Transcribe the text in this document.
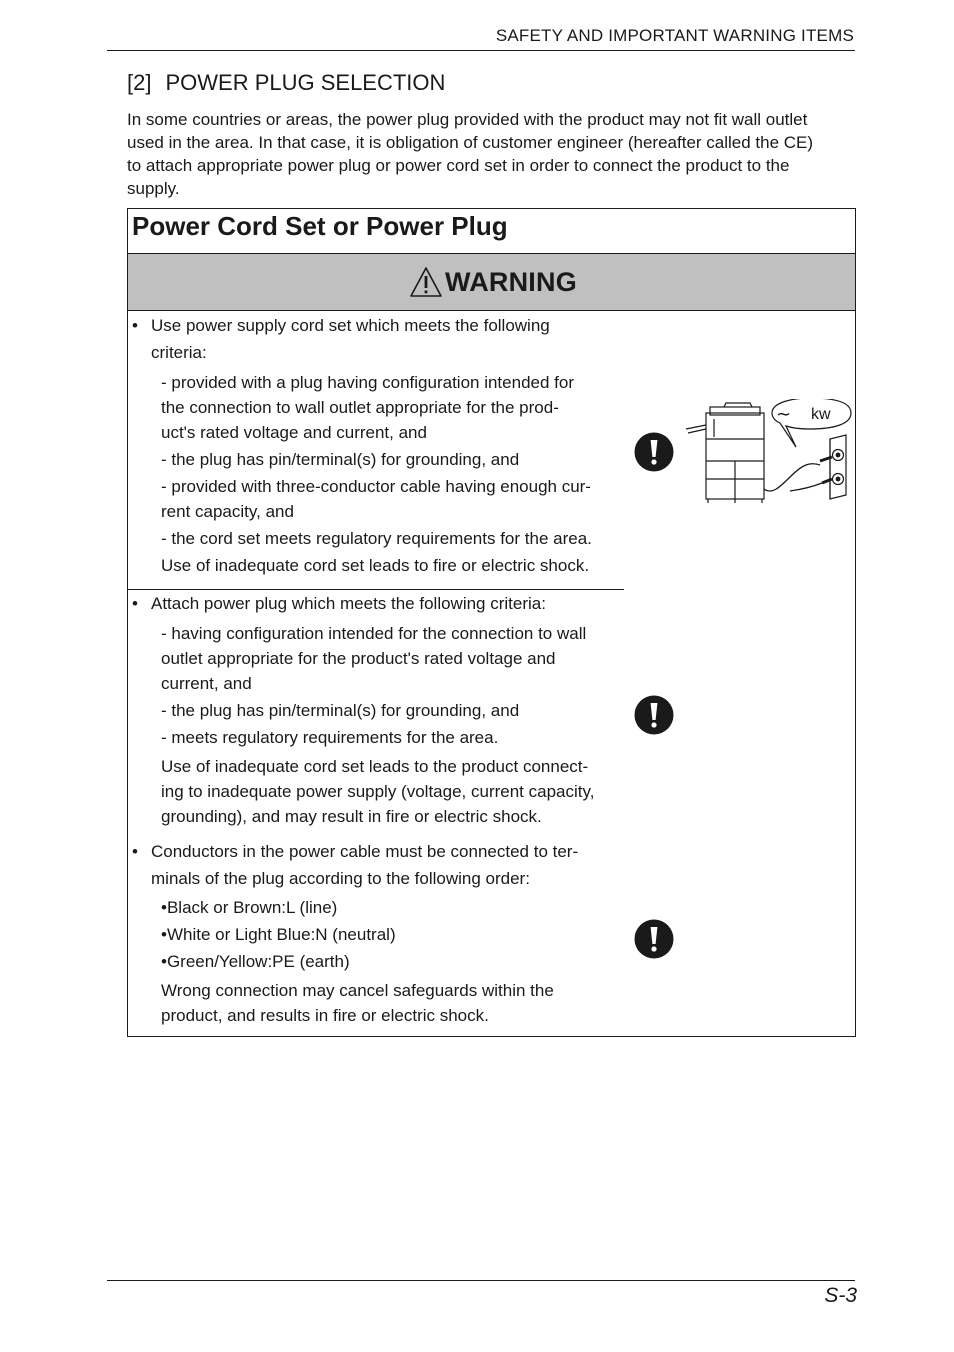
SAFETY AND IMPORTANT WARNING ITEMS
[2] POWER PLUG SELECTION
In some countries or areas, the power plug provided with the product may not fit wall outlet
used in the area. In that case, it is obligation of customer engineer (hereafter called the CE)
to attach appropriate power plug or power cord set in order to connect the product to the
supply.
Power Cord Set or Power Plug
WARNING
• Use power supply cord set which meets the following
criteria:
- provided with a plug having configuration intended for
the connection to wall outlet appropriate for the prod-
uct's rated voltage and current, and
- the plug has pin/terminal(s) for grounding, and
- provided with three-conductor cable having enough cur-
rent capacity, and
- the cord set meets regulatory requirements for the area.
Use of inadequate cord set leads to fire or electric shock.
• Attach power plug which meets the following criteria:
- having configuration intended for the connection to wall
outlet appropriate for the product's rated voltage and
current, and
- the plug has pin/terminal(s) for grounding, and
- meets regulatory requirements for the area.
Use of inadequate cord set leads to the product connect-
ing to inadequate power supply (voltage, current capacity,
grounding), and may result in fire or electric shock.
• Conductors in the power cable must be connected to ter-
minals of the plug according to the following order:
•Black or Brown:L (line)
•White or Light Blue:N (neutral)
•Green/Yellow:PE (earth)
Wrong connection may cancel safeguards within the
product, and results in fire or electric shock.
∼ kw
S-3
